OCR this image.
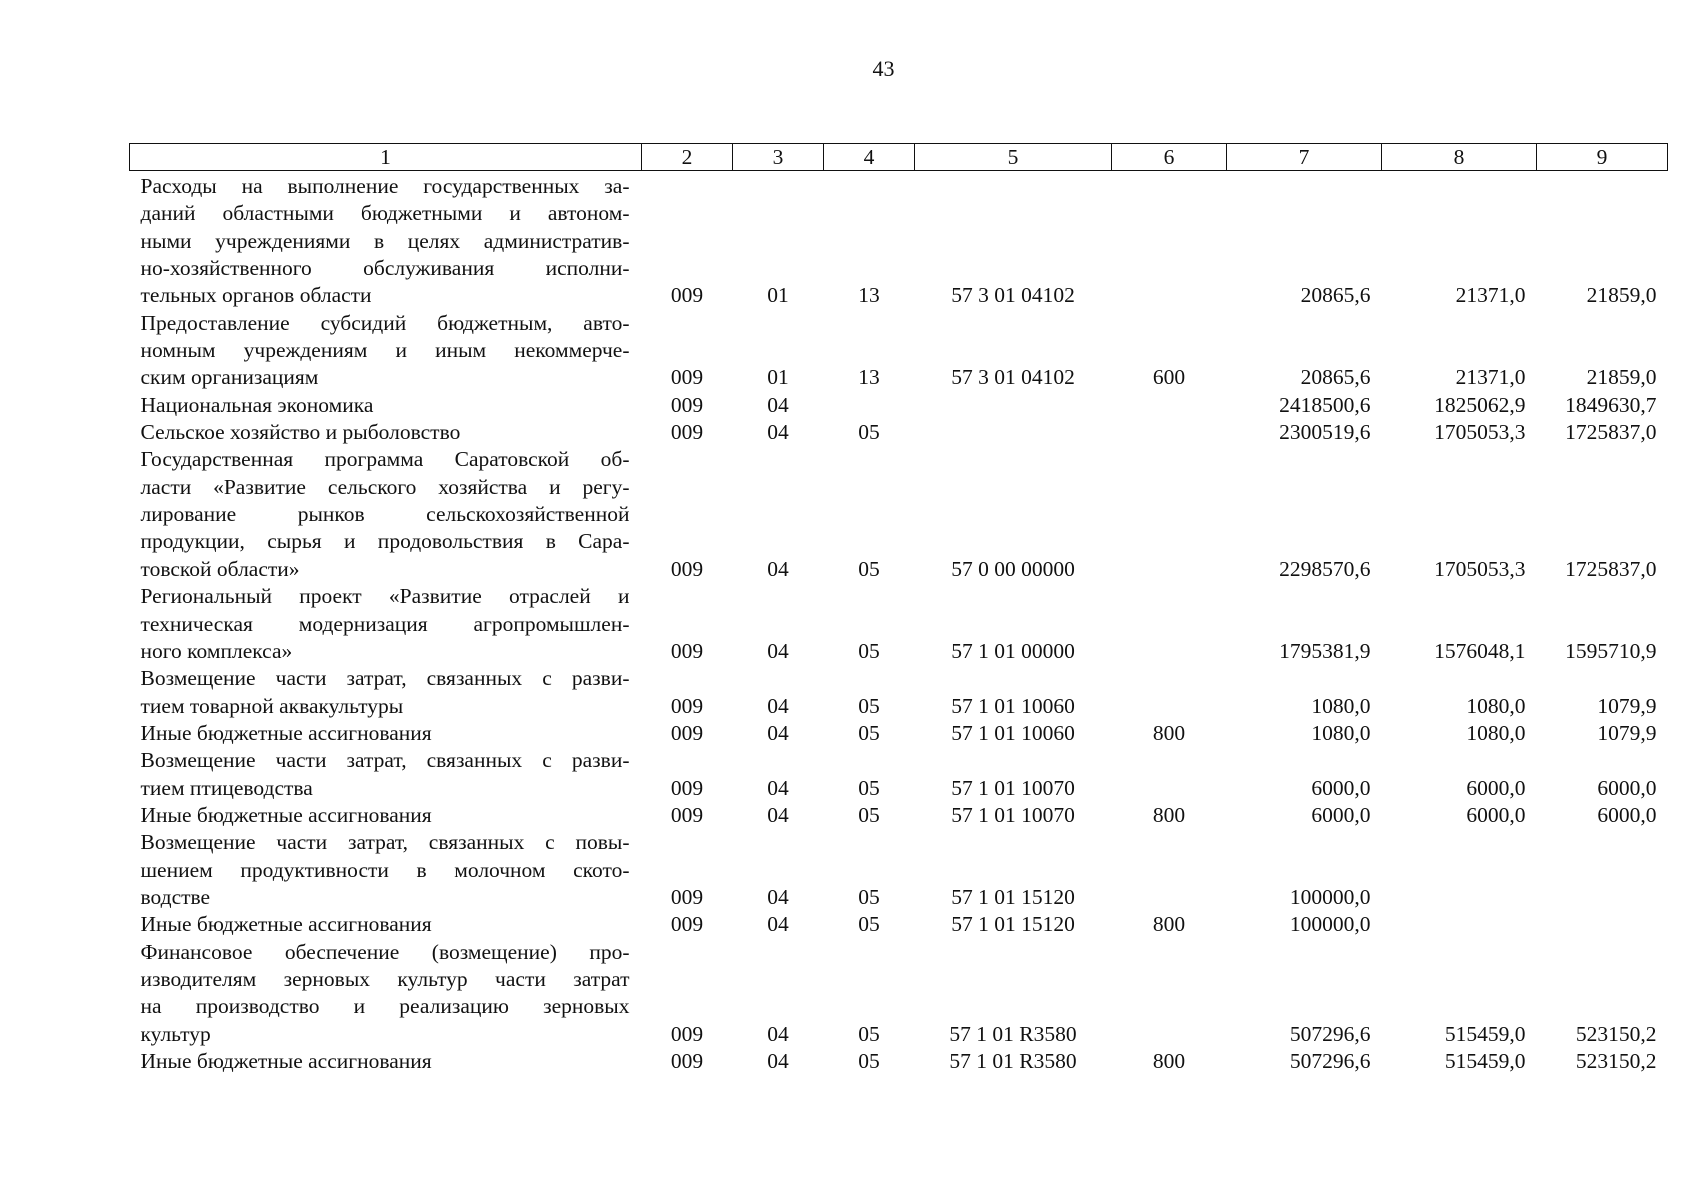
43
1	2	3	4	5	6	7	8	9

Расходы на выполнение государственных за-
даний областными бюджетными и автоном-
ными учреждениями в целях административ-
но-хозяйственного обслуживания исполни-
тельных органов области	009	01	13	57 3 01 04102		20865,6	21371,0	21859,0

Предоставление субсидий бюджетным, авто-
номным учреждениям и иным некоммерче-
ским организациям	009	01	13	57 3 01 04102	600	20865,6	21371,0	21859,0

Национальная экономика	009	04				2418500,6	1825062,9	1849630,7

Сельское хозяйство и рыболовство	009	04	05			2300519,6	1705053,3	1725837,0

Государственная программа Саратовской об-
ласти «Развитие сельского хозяйства и регу-
лирование рынков сельскохозяйственной
продукции, сырья и продовольствия в Сара-
товской области»	009	04	05	57 0 00 00000		2298570,6	1705053,3	1725837,0

Региональный проект «Развитие отраслей и
техническая модернизация агропромышлен-
ного комплекса»	009	04	05	57 1 01 00000		1795381,9	1576048,1	1595710,9

Возмещение части затрат, связанных с разви-
тием товарной аквакультуры	009	04	05	57 1 01 10060		1080,0	1080,0	1079,9

Иные бюджетные ассигнования	009	04	05	57 1 01 10060	800	1080,0	1080,0	1079,9

Возмещение части затрат, связанных с разви-
тием птицеводства	009	04	05	57 1 01 10070		6000,0	6000,0	6000,0

Иные бюджетные ассигнования	009	04	05	57 1 01 10070	800	6000,0	6000,0	6000,0

Возмещение части затрат, связанных с повы-
шением продуктивности в молочном ското-
водстве	009	04	05	57 1 01 15120		100000,0		

Иные бюджетные ассигнования	009	04	05	57 1 01 15120	800	100000,0		

Финансовое обеспечение (возмещение) про-
изводителям зерновых культур части затрат
на производство и реализацию зерновых
культур	009	04	05	57 1 01 R3580		507296,6	515459,0	523150,2

Иные бюджетные ассигнования	009	04	05	57 1 01 R3580	800	507296,6	515459,0	523150,2
